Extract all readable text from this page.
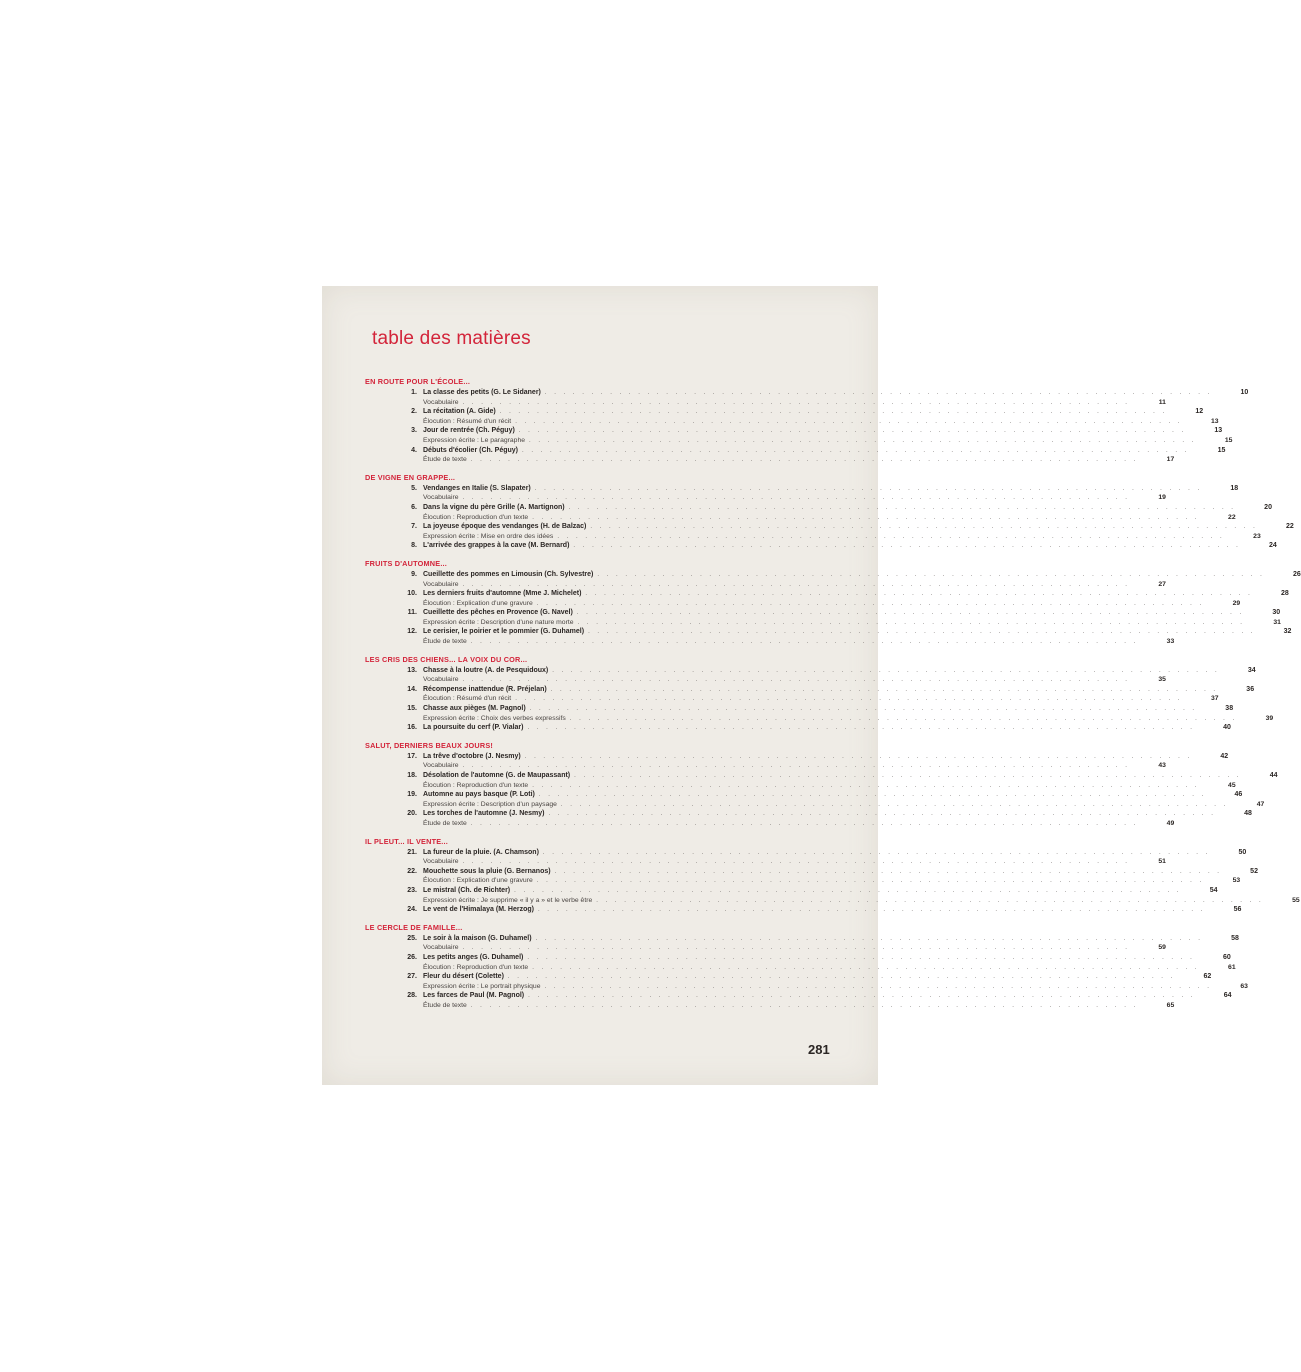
table des matières
EN ROUTE POUR L'ÉCOLE...
1. La classe des petits (G. Le Sidaner) . . . . . . . . . . . . . . . . . . . . . . . . . . . . . . . . . . . . . . . . . . . . . . . . . . . . . . . . . . . . . . . . . . . . . . . .	10
Vocabulaire . . . . . . . . . . . . . . . . . . . . . . . . . . . . . . . . . . . . . . . . . . . . . . . . . . . . . . . . . . . . . . . . . . . . . . . .	11
2. La récitation (A. Gide) . . . . . . . . . . . . . . . . . . . . . . . . . . . . . . . . . . . . . . . . . . . . . . . . . . . . . . . . . . . . . . . . . . . . . . . .	12
Élocution : Résumé d'un récit . . . . . . . . . . . . . . . . . . . . . . . . . . . . . . . . . . . . . . . . . . . . . . . . . . . . . . . . . . . . . . . . . . . . . . . .	13
3. Jour de rentrée (Ch. Péguy) . . . . . . . . . . . . . . . . . . . . . . . . . . . . . . . . . . . . . . . . . . . . . . . . . . . . . . . . . . . . . . . . . . . . . . . .	13
Expression écrite : Le paragraphe . . . . . . . . . . . . . . . . . . . . . . . . . . . . . . . . . . . . . . . . . . . . . . . . . . . . . . . . . . . . . . . . . . . . . . . .	15
4. Débuts d'écolier (Ch. Péguy) . . . . . . . . . . . . . . . . . . . . . . . . . . . . . . . . . . . . . . . . . . . . . . . . . . . . . . . . . . . . . . . . . . . . . . . .	15
Étude de texte . . . . . . . . . . . . . . . . . . . . . . . . . . . . . . . . . . . . . . . . . . . . . . . . . . . . . . . . . . . . . . . . . . . . . . . .	17
DE VIGNE EN GRAPPE...
5. Vendanges en Italie (S. Slapater) . . . . . . . . . . . . . . . . . . . . . . . . . . . . . . . . . . . . . . . . . . . . . . . . . . . . . . . . . . . . . . . . . . . . . . . .	18
Vocabulaire . . . . . . . . . . . . . . . . . . . . . . . . . . . . . . . . . . . . . . . . . . . . . . . . . . . . . . . . . . . . . . . . . . . . . . . .	19
6. Dans la vigne du père Grille (A. Martignon) . . . . . . . . . . . . . . . . . . . . . . . . . . . . . . . . . . . . . . . . . . . . . . . . . . . . . . . . . . . . . . . . . . . . . . . .	20
Élocution : Reproduction d'un texte . . . . . . . . . . . . . . . . . . . . . . . . . . . . . . . . . . . . . . . . . . . . . . . . . . . . . . . . . . . . . . . . . . . . . . . .	22
7. La joyeuse époque des vendanges (H. de Balzac) . . . . . . . . . . . . . . . . . . . . . . . . . . . . . . . . . . . . . . . . . . . . . . . . . . . . . . . . . . . . . . . . . . . . . . . .	22
Expression écrite : Mise en ordre des idées . . . . . . . . . . . . . . . . . . . . . . . . . . . . . . . . . . . . . . . . . . . . . . . . . . . . . . . . . . . . . . . . . . . . . . . .	23
8. L'arrivée des grappes à la cave (M. Bernard) . . . . . . . . . . . . . . . . . . . . . . . . . . . . . . . . . . . . . . . . . . . . . . . . . . . . . . . . . . . . . . . . . . . . . . . .	24
FRUITS D'AUTOMNE...
9. Cueillette des pommes en Limousin (Ch. Sylvestre) . . . . . . . . . . . . . . . . . . . . . . . . . . . . . . . . . . . . . . . . . . . . . . . . . . . . . . . . . . . . . . . . . . . . . . . .	26
Vocabulaire . . . . . . . . . . . . . . . . . . . . . . . . . . . . . . . . . . . . . . . . . . . . . . . . . . . . . . . . . . . . . . . . . . . . . . . .	27
10. Les derniers fruits d'automne (Mme J. Michelet) . . . . . . . . . . . . . . . . . . . . . . . . . . . . . . . . . . . . . . . . . . . . . . . . . . . . . . . . . . . . . . . . . . . . . . . .	28
Élocution : Explication d'une gravure . . . . . . . . . . . . . . . . . . . . . . . . . . . . . . . . . . . . . . . . . . . . . . . . . . . . . . . . . . . . . . . . . . . . . . . .	29
11. Cueillette des pêches en Provence (G. Navel) . . . . . . . . . . . . . . . . . . . . . . . . . . . . . . . . . . . . . . . . . . . . . . . . . . . . . . . . . . . . . . . . . . . . . . . .	30
Expression écrite : Description d'une nature morte . . . . . . . . . . . . . . . . . . . . . . . . . . . . . . . . . . . . . . . . . . . . . . . . . . . . . . . . . . . . . . . . . . . . . . . .	31
12. Le cerisier, le poirier et le pommier (G. Duhamel) . . . . . . . . . . . . . . . . . . . . . . . . . . . . . . . . . . . . . . . . . . . . . . . . . . . . . . . . . . . . . . . . . . . . . . . .	32
Étude de texte . . . . . . . . . . . . . . . . . . . . . . . . . . . . . . . . . . . . . . . . . . . . . . . . . . . . . . . . . . . . . . . . . . . . . . . .	33
LES CRIS DES CHIENS... LA VOIX DU COR...
13. Chasse à la loutre (A. de Pesquidoux) . . . . . . . . . . . . . . . . . . . . . . . . . . . . . . . . . . . . . . . . . . . . . . . . . . . . . . . . . . . . . . . . . . . . . . . .	34
Vocabulaire . . . . . . . . . . . . . . . . . . . . . . . . . . . . . . . . . . . . . . . . . . . . . . . . . . . . . . . . . . . . . . . . . . . . . . . .	35
14. Récompense inattendue (R. Préjelan) . . . . . . . . . . . . . . . . . . . . . . . . . . . . . . . . . . . . . . . . . . . . . . . . . . . . . . . . . . . . . . . . . . . . . . . .	36
Élocution : Résumé d'un récit . . . . . . . . . . . . . . . . . . . . . . . . . . . . . . . . . . . . . . . . . . . . . . . . . . . . . . . . . . . . . . . . . . . . . . . .	37
15. Chasse aux pièges (M. Pagnol) . . . . . . . . . . . . . . . . . . . . . . . . . . . . . . . . . . . . . . . . . . . . . . . . . . . . . . . . . . . . . . . . . . . . . . . .	38
Expression écrite : Choix des verbes expressifs . . . . . . . . . . . . . . . . . . . . . . . . . . . . . . . . . . . . . . . . . . . . . . . . . . . . . . . . . . . . . . . . . . . . . . . .	39
16. La poursuite du cerf (P. Vialar) . . . . . . . . . . . . . . . . . . . . . . . . . . . . . . . . . . . . . . . . . . . . . . . . . . . . . . . . . . . . . . . . . . . . . . . .	40
SALUT, DERNIERS BEAUX JOURS!
17. La trêve d'octobre (J. Nesmy) . . . . . . . . . . . . . . . . . . . . . . . . . . . . . . . . . . . . . . . . . . . . . . . . . . . . . . . . . . . . . . . . . . . . . . . .	42
Vocabulaire . . . . . . . . . . . . . . . . . . . . . . . . . . . . . . . . . . . . . . . . . . . . . . . . . . . . . . . . . . . . . . . . . . . . . . . .	43
18. Désolation de l'automne (G. de Maupassant) . . . . . . . . . . . . . . . . . . . . . . . . . . . . . . . . . . . . . . . . . . . . . . . . . . . . . . . . . . . . . . . . . . . . . . . .	44
Élocution : Reproduction d'un texte . . . . . . . . . . . . . . . . . . . . . . . . . . . . . . . . . . . . . . . . . . . . . . . . . . . . . . . . . . . . . . . . . . . . . . . .	45
19. Automne au pays basque (P. Loti) . . . . . . . . . . . . . . . . . . . . . . . . . . . . . . . . . . . . . . . . . . . . . . . . . . . . . . . . . . . . . . . . . . . . . . . .	46
Expression écrite : Description d'un paysage . . . . . . . . . . . . . . . . . . . . . . . . . . . . . . . . . . . . . . . . . . . . . . . . . . . . . . . . . . . . . . . . . . . . . . . .	47
20. Les torches de l'automne (J. Nesmy) . . . . . . . . . . . . . . . . . . . . . . . . . . . . . . . . . . . . . . . . . . . . . . . . . . . . . . . . . . . . . . . . . . . . . . . .	48
Étude de texte . . . . . . . . . . . . . . . . . . . . . . . . . . . . . . . . . . . . . . . . . . . . . . . . . . . . . . . . . . . . . . . . . . . . . . . .	49
IL PLEUT... IL VENTE...
21. La fureur de la pluie. (A. Chamson) . . . . . . . . . . . . . . . . . . . . . . . . . . . . . . . . . . . . . . . . . . . . . . . . . . . . . . . . . . . . . . . . . . . . . . . .	50
Vocabulaire . . . . . . . . . . . . . . . . . . . . . . . . . . . . . . . . . . . . . . . . . . . . . . . . . . . . . . . . . . . . . . . . . . . . . . . .	51
22. Mouchette sous la pluie (G. Bernanos) . . . . . . . . . . . . . . . . . . . . . . . . . . . . . . . . . . . . . . . . . . . . . . . . . . . . . . . . . . . . . . . . . . . . . . . .	52
Élocution : Explication d'une gravure . . . . . . . . . . . . . . . . . . . . . . . . . . . . . . . . . . . . . . . . . . . . . . . . . . . . . . . . . . . . . . . . . . . . . . . .	53
23. Le mistral (Ch. de Richter) . . . . . . . . . . . . . . . . . . . . . . . . . . . . . . . . . . . . . . . . . . . . . . . . . . . . . . . . . . . . . . . . . . . . . . . .	54
Expression écrite : Je supprime « il y a » et le verbe être . . . . . . . . . . . . . . . . . . . . . . . . . . . . . . . . . . . . . . . . . . . . . . . . . . . . . . . . . . . . . . . . . . . . . . . .	55
24. Le vent de l'Himalaya (M. Herzog) . . . . . . . . . . . . . . . . . . . . . . . . . . . . . . . . . . . . . . . . . . . . . . . . . . . . . . . . . . . . . . . . . . . . . . . .	56
LE CERCLE DE FAMILLE...
25. Le soir à la maison (G. Duhamel) . . . . . . . . . . . . . . . . . . . . . . . . . . . . . . . . . . . . . . . . . . . . . . . . . . . . . . . . . . . . . . . . . . . . . . . .	58
Vocabulaire . . . . . . . . . . . . . . . . . . . . . . . . . . . . . . . . . . . . . . . . . . . . . . . . . . . . . . . . . . . . . . . . . . . . . . . .	59
26. Les petits anges (G. Duhamel) . . . . . . . . . . . . . . . . . . . . . . . . . . . . . . . . . . . . . . . . . . . . . . . . . . . . . . . . . . . . . . . . . . . . . . . .	60
Élocution : Reproduction d'un texte . . . . . . . . . . . . . . . . . . . . . . . . . . . . . . . . . . . . . . . . . . . . . . . . . . . . . . . . . . . . . . . . . . . . . . . .	61
27. Fleur du désert (Colette) . . . . . . . . . . . . . . . . . . . . . . . . . . . . . . . . . . . . . . . . . . . . . . . . . . . . . . . . . . . . . . . . . . . . . . . .	62
Expression écrite : Le portrait physique . . . . . . . . . . . . . . . . . . . . . . . . . . . . . . . . . . . . . . . . . . . . . . . . . . . . . . . . . . . . . . . . . . . . . . . .	63
28. Les farces de Paul (M. Pagnol) . . . . . . . . . . . . . . . . . . . . . . . . . . . . . . . . . . . . . . . . . . . . . . . . . . . . . . . . . . . . . . . . . . . . . . . .	64
Étude de texte . . . . . . . . . . . . . . . . . . . . . . . . . . . . . . . . . . . . . . . . . . . . . . . . . . . . . . . . . . . . . . . . . . . . . . . .	65

281
